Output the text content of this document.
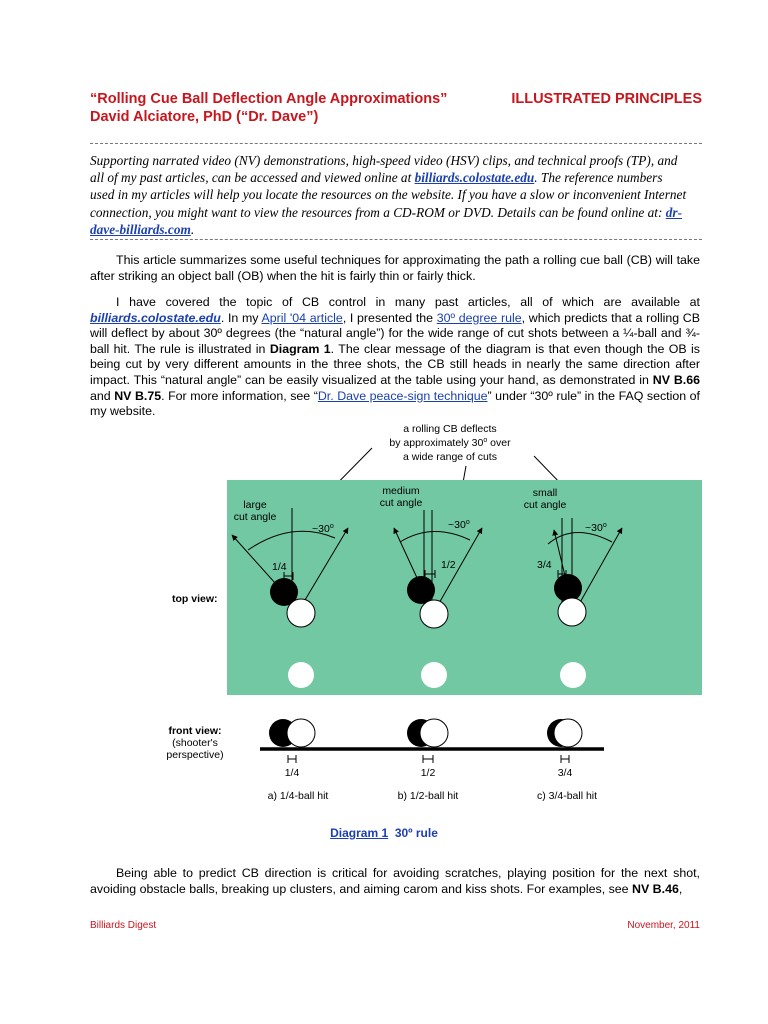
“Rolling Cue Ball Deflection Angle Approximations”
David Alciatore, PhD (“Dr. Dave”)
ILLUSTRATED PRINCIPLES
Supporting narrated video (NV) demonstrations, high-speed video (HSV) clips, and technical proofs (TP), and all of my past articles, can be accessed and viewed online at billiards.colostate.edu. The reference numbers used in my articles will help you locate the resources on the website. If you have a slow or inconvenient Internet connection, you might want to view the resources from a CD-ROM or DVD. Details can be found online at: dr-dave-billiards.com.
This article summarizes some useful techniques for approximating the path a rolling cue ball (CB) will take after striking an object ball (OB) when the hit is fairly thin or fairly thick.
I have covered the topic of CB control in many past articles, all of which are available at billiards.colostate.edu. In my April '04 article, I presented the 30º degree rule, which predicts that a rolling CB will deflect by about 30º degrees (the “natural angle”) for the wide range of cut shots between a ¼-ball and ¾-ball hit. The rule is illustrated in Diagram 1. The clear message of the diagram is that even though the OB is being cut by very different amounts in the three shots, the CB still heads in nearly the same direction after impact. This “natural angle” can be easily visualized at the table using your hand, as demonstrated in NV B.66 and NV B.75. For more information, see “Dr. Dave peace-sign technique” under “30º rule” in the FAQ section of my website.
a rolling CB deflects
by approximately 30$^o$ over
a wide range of cuts
large
cut angle
~30$^o$
1/4
medium
cut angle
~30$^o$
1/2
small
cut angle
~30$^o$
3/4
top view:
front view:
(shooter's
perspective)
1/4
a) 1/4-ball hit
1/2
b) 1/2-ball hit
3/4
c) 3/4-ball hit
Diagram 1 30º rule
Being able to predict CB direction is critical for avoiding scratches, playing position for the next shot, avoiding obstacle balls, breaking up clusters, and aiming carom and kiss shots. For examples, see NV B.46,
Billiards Digest	November, 2011
